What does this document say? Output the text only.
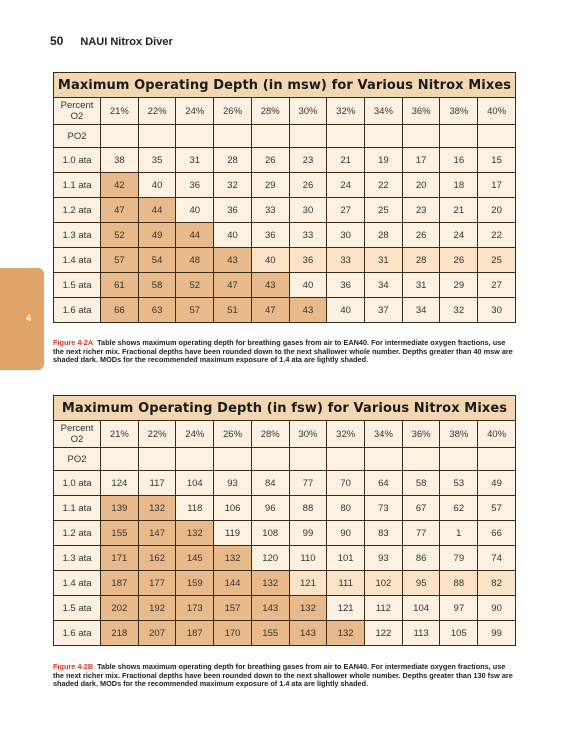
50 NAUI Nitrox Diver
4
Maximum Operating Depth (in msw) for Various Nitrox Mixes											
Percent
O2	21%	22%	24%	26%	28%	30%	32%	34%	36%	38%	40%
PO2											
1.0 ata	38	35	31	28	26	23	21	19	17	16	15
1.1 ata	42	40	36	32	29	26	24	22	20	18	17
1.2 ata	47	44	40	36	33	30	27	25	23	21	20
1.3 ata	52	49	44	40	36	33	30	28	26	24	22
1.4 ata	57	54	48	43	40	36	33	31	28	26	25
1.5 ata	61	58	52	47	43	40	36	34	31	29	27
1.6 ata	66	63	57	51	47	43	40	37	34	32	30
Figure 4-2A Table shows maximum operating depth for breathing gases from air to EAN40. For intermediate oxygen fractions, use the next richer mix. Fractional depths have been rounded down to the next shallower whole number. Depths greater than 40 msw are shaded dark. MODs for the recommended maximum exposure of 1.4 ata are lightly shaded.
Maximum Operating Depth (in fsw) for Various Nitrox Mixes											
Percent
O2	21%	22%	24%	26%	28%	30%	32%	34%	36%	38%	40%
PO2											
1.0 ata	124	117	104	93	84	77	70	64	58	53	49
1.1 ata	139	132	118	106	96	88	80	73	67	62	57
1.2 ata	155	147	132	119	108	99	90	83	77	1	66
1.3 ata	171	162	145	132	120	110	101	93	86	79	74
1.4 ata	187	177	159	144	132	121	111	102	95	88	82
1.5 ata	202	192	173	157	143	132	121	112	104	97	90
1.6 ata	218	207	187	170	155	143	132	122	113	105	99
Figure 4-2B Table shows maximum operating depth for breathing gases from air to EAN40. For intermediate oxygen fractions, use the next richer mix. Fractional depths have been rounded down to the next shallower whole number. Depths greater than 130 fsw are shaded dark. MODs for the recommended maximum exposure of 1.4 ata are lightly shaded.
